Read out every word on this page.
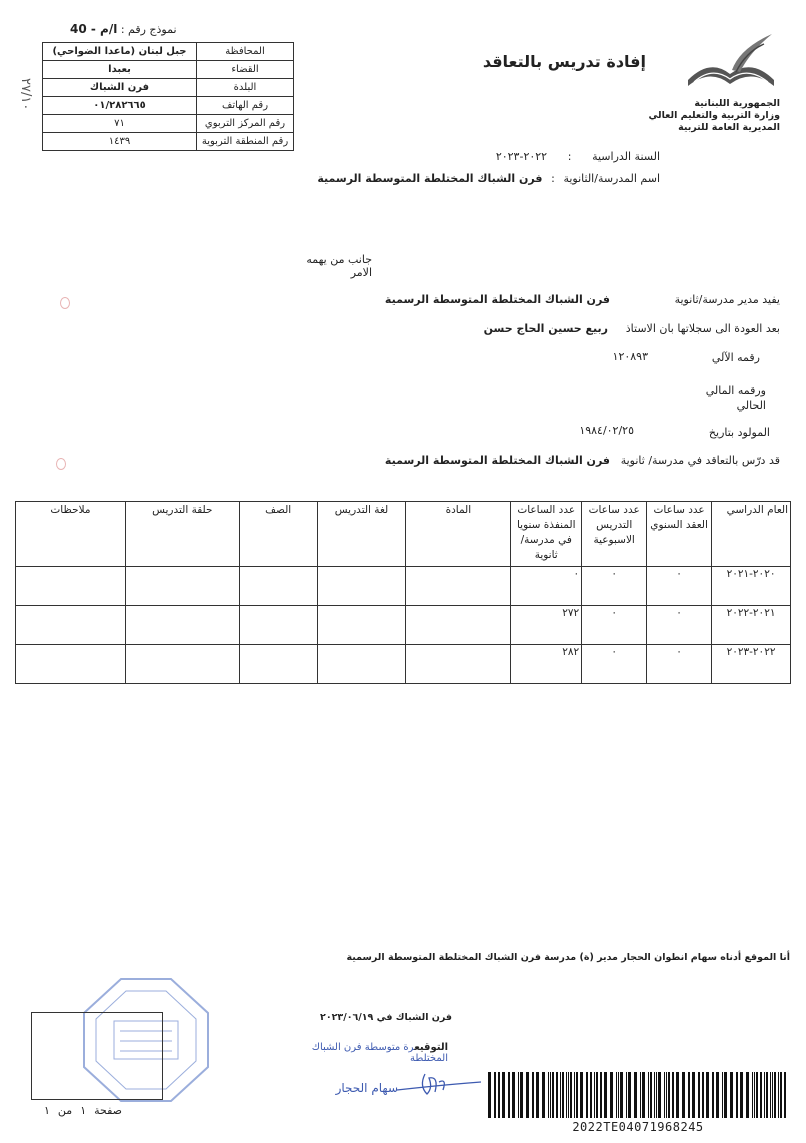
نموذج رقم : ا/م - 40
المحافظة	جبل لبنان (ماعدا الضواحي)
القضاء	بعبدا
البلدة	فرن الشباك
رقم الهاتف	٠١/٢٨٢٦٦٥
رقم المركز التربوي	٧١
رقم المنطقة التربوية	١٤٣٩
٢٧/١٠
إفادة تدريس بالتعاقد
الجمهورية اللبنانية
وزارة التربية والتعليم العالي
المديرية العامة للتربية
السنة الدراسية : ٢٠٢٢-٢٠٢٣
اسم المدرسة/الثانوية : فرن الشباك المختلطة المتوسطة الرسمية
جانب من يهمه الامر
يفيد مدير مدرسة/ثانوية
فرن الشباك المختلطة المتوسطة الرسمية
بعد العودة الى سجلاتها بان الاستاذ
ربيع حسين الحاج حسن
رقمه الآلي
١٢٠٨٩٣
ورقمه المالي الحالي
المولود بتاريخ
١٩٨٤/٠٢/٢٥
قد درّس بالتعاقد في مدرسة/ ثانوية
فرن الشباك المختلطة المتوسطة الرسمية
العام الدراسي	عدد ساعات العقد السنوي	عدد ساعات التدريس الاسبوعية	عدد الساعات المنفذة سنويا في مدرسة/ثانوية	المادة	لغة التدريس	الصف	حلقة التدريس	ملاحظات
٢٠٢٠-٢٠٢١	٠	٠	٠					
٢٠٢١-٢٠٢٢	٠	٠	٢٧٢					
٢٠٢٢-٢٠٢٣	٠	٠	٢٨٢					
أنا الموقع أدناه سهام انطوان الحجار مدير (ة) مدرسة فرن الشباك المختلطة المتوسطة الرسمية
فرن الشباك في ٢٠٢٣/٠٦/١٩
التوقيعرة متوسطة فرن الشباك المختلطة
سهام الحجار
صفحة١من١
2022TE04071968245
